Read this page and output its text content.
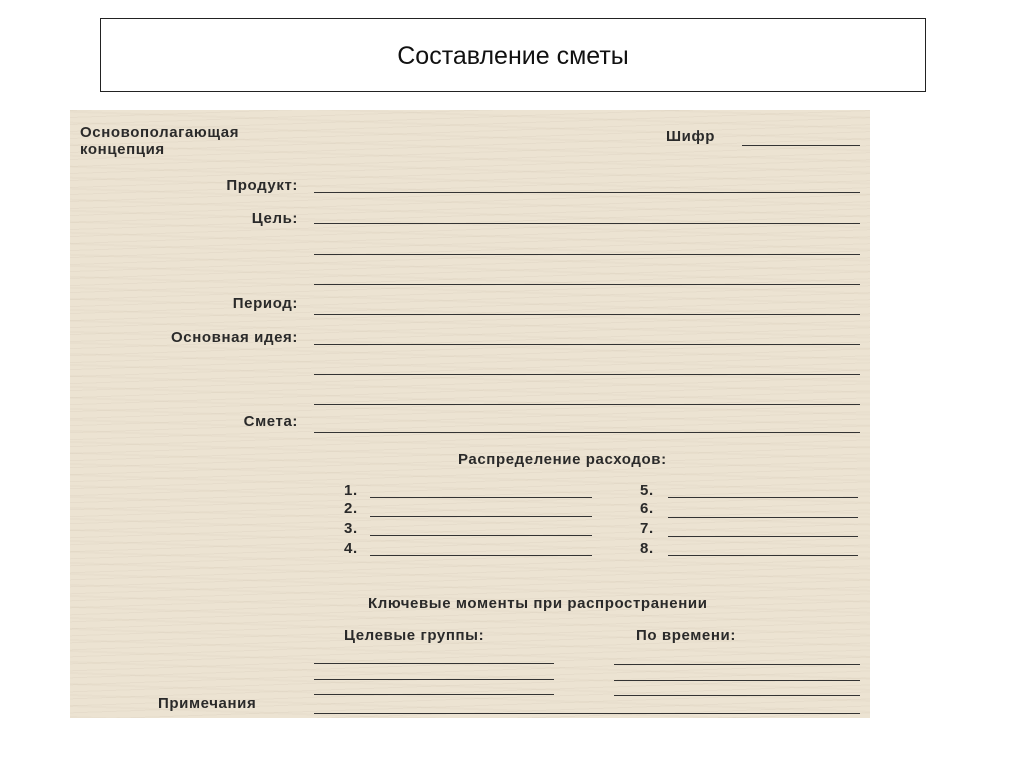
Составление сметы
Основополагающая
концепция
Шифр
Продукт:
Цель:
Период:
Основная идея:
Смета:
Распределение расходов:
1.
2.
3.
4.
5.
6.
7.
8.
Ключевые моменты при распространении
Целевые группы:	По времени:
Примечания
